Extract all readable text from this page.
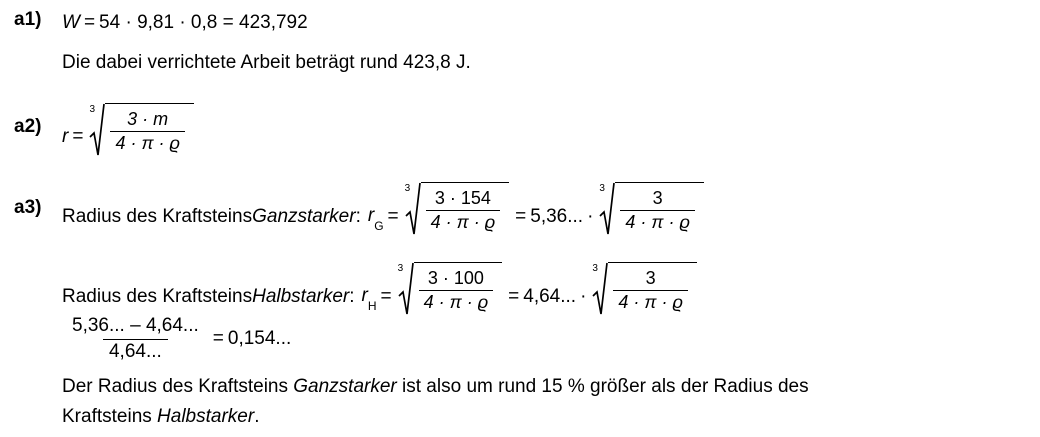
a1)	W = 54 · 9,81 · 0,8 = 423,792
Die dabei verrichtete Arbeit beträgt rund 423,8 J.
a2)	r =
$3 \frac{3 \cdot m}{4 \cdot \pi \cdot ϱ}$
a3)	Radius des Kraftsteins Ganzstarker : $r_G$ =
$3 \frac{3 \cdot 154}{4 \cdot \pi \cdot ϱ} = 5,36$... ·
$3 \frac{3}{4 \cdot \pi \cdot ϱ}$
Radius des Kraftsteins Halbstarker : $r_H$ =
$3 \frac{3 \cdot 100}{4 \cdot \pi \cdot ϱ} = 4,64$... ·
$3 \frac{3}{4 \cdot \pi \cdot ϱ}$
$\frac{5,36... - 4,64...}{4,64...} = 0,154$...
Der Radius des Kraftsteins Ganzstarker ist also um rund 15 % größer als der Radius des
Kraftsteins Halbstarker.
